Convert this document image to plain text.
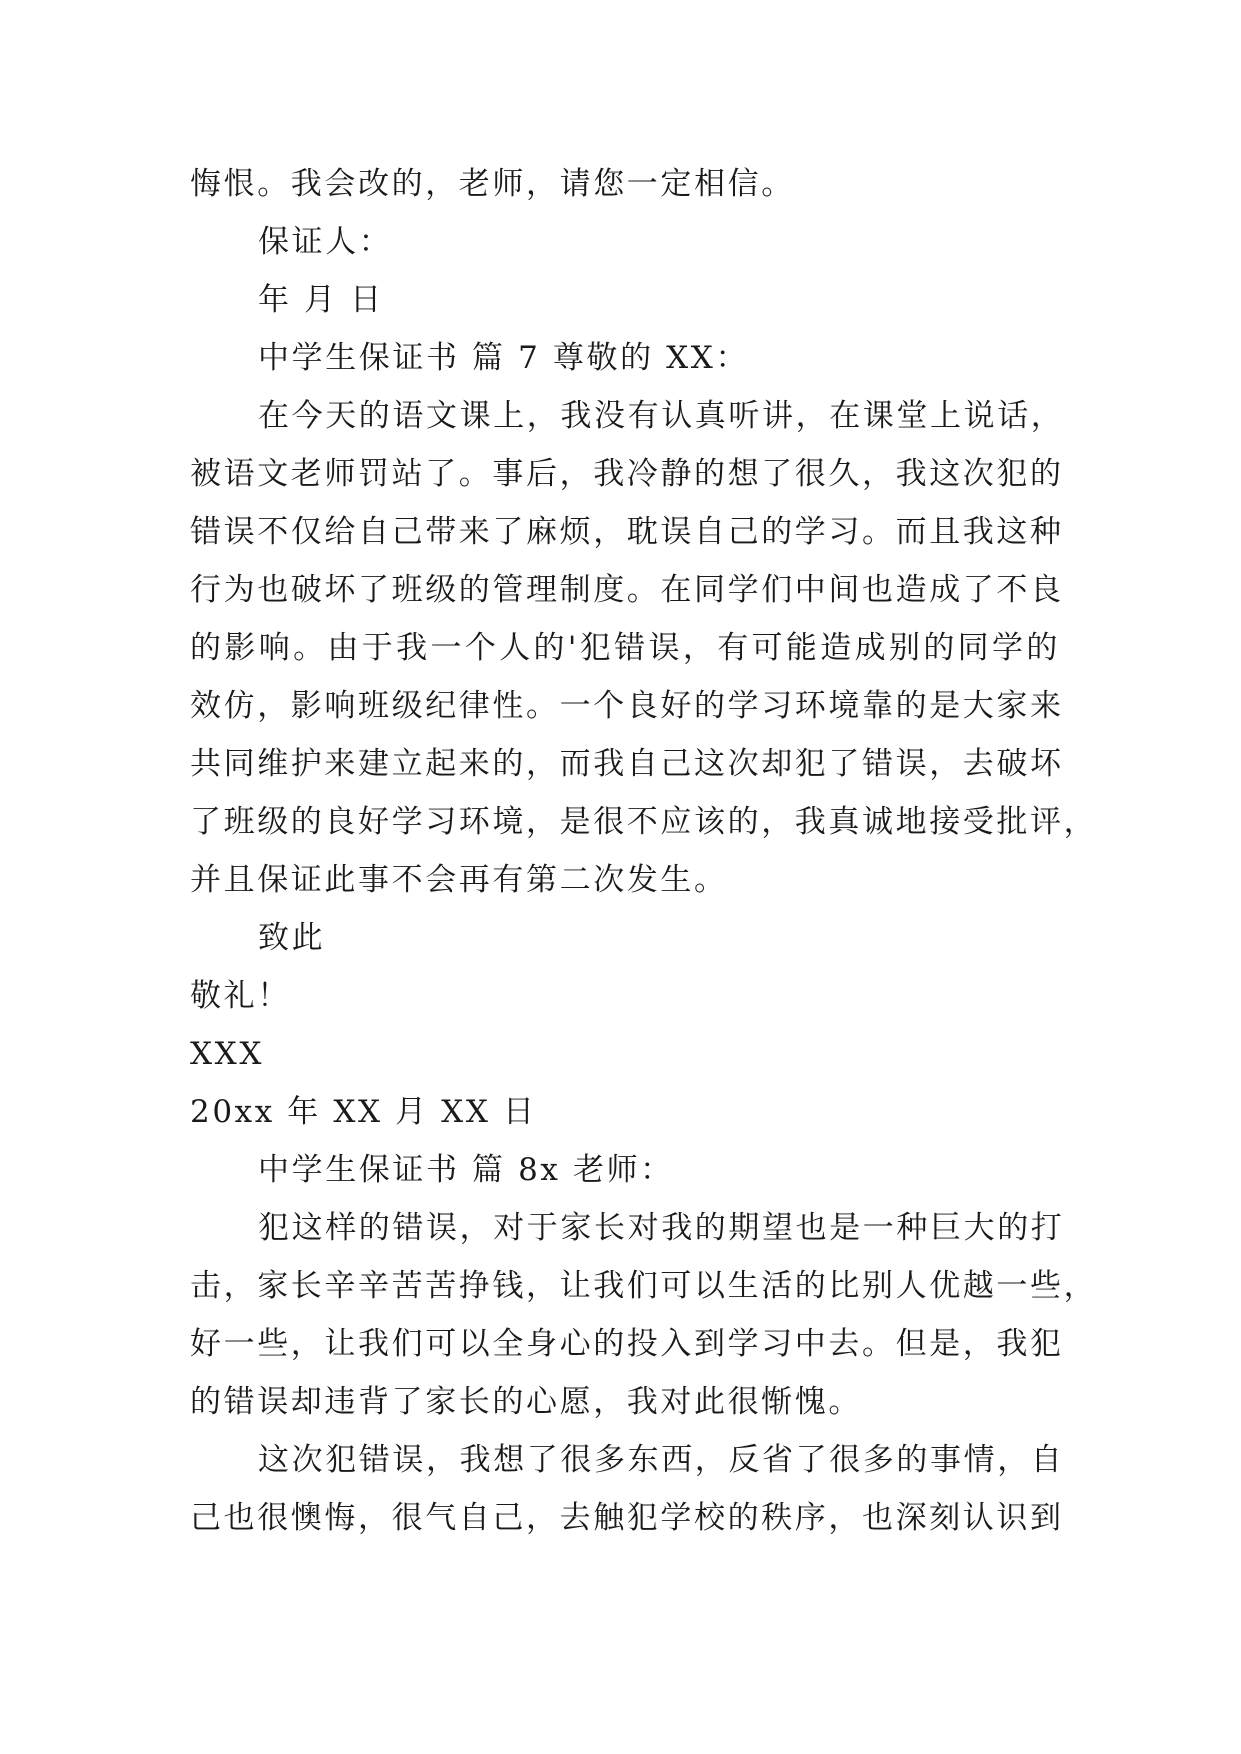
悔恨。我会改的，老师，请您一定相信。

保证人：

年 月 日

中学生保证书 篇 7 尊敬的 XX：

在今天的语文课上，我没有认真听讲，在课堂上说话，

被语文老师罚站了。事后，我冷静的想了很久，我这次犯的

错误不仅给自己带来了麻烦，耽误自己的学习。而且我这种

行为也破坏了班级的管理制度。在同学们中间也造成了不良

的影响。由于我一个人的'犯错误，有可能造成别的同学的

效仿，影响班级纪律性。一个良好的学习环境靠的是大家来

共同维护来建立起来的，而我自己这次却犯了错误，去破坏

了班级的良好学习环境，是很不应该的，我真诚地接受批评，

并且保证此事不会再有第二次发生。

致此

敬礼！

XXX

20xx 年 XX 月 XX 日

中学生保证书 篇 8x 老师：

犯这样的错误，对于家长对我的期望也是一种巨大的打

击，家长辛辛苦苦挣钱，让我们可以生活的比别人优越一些，

好一些，让我们可以全身心的投入到学习中去。但是，我犯

的错误却违背了家长的心愿，我对此很惭愧。

这次犯错误，我想了很多东西，反省了很多的事情，自

己也很懊悔，很气自己，去触犯学校的秩序，也深刻认识到
